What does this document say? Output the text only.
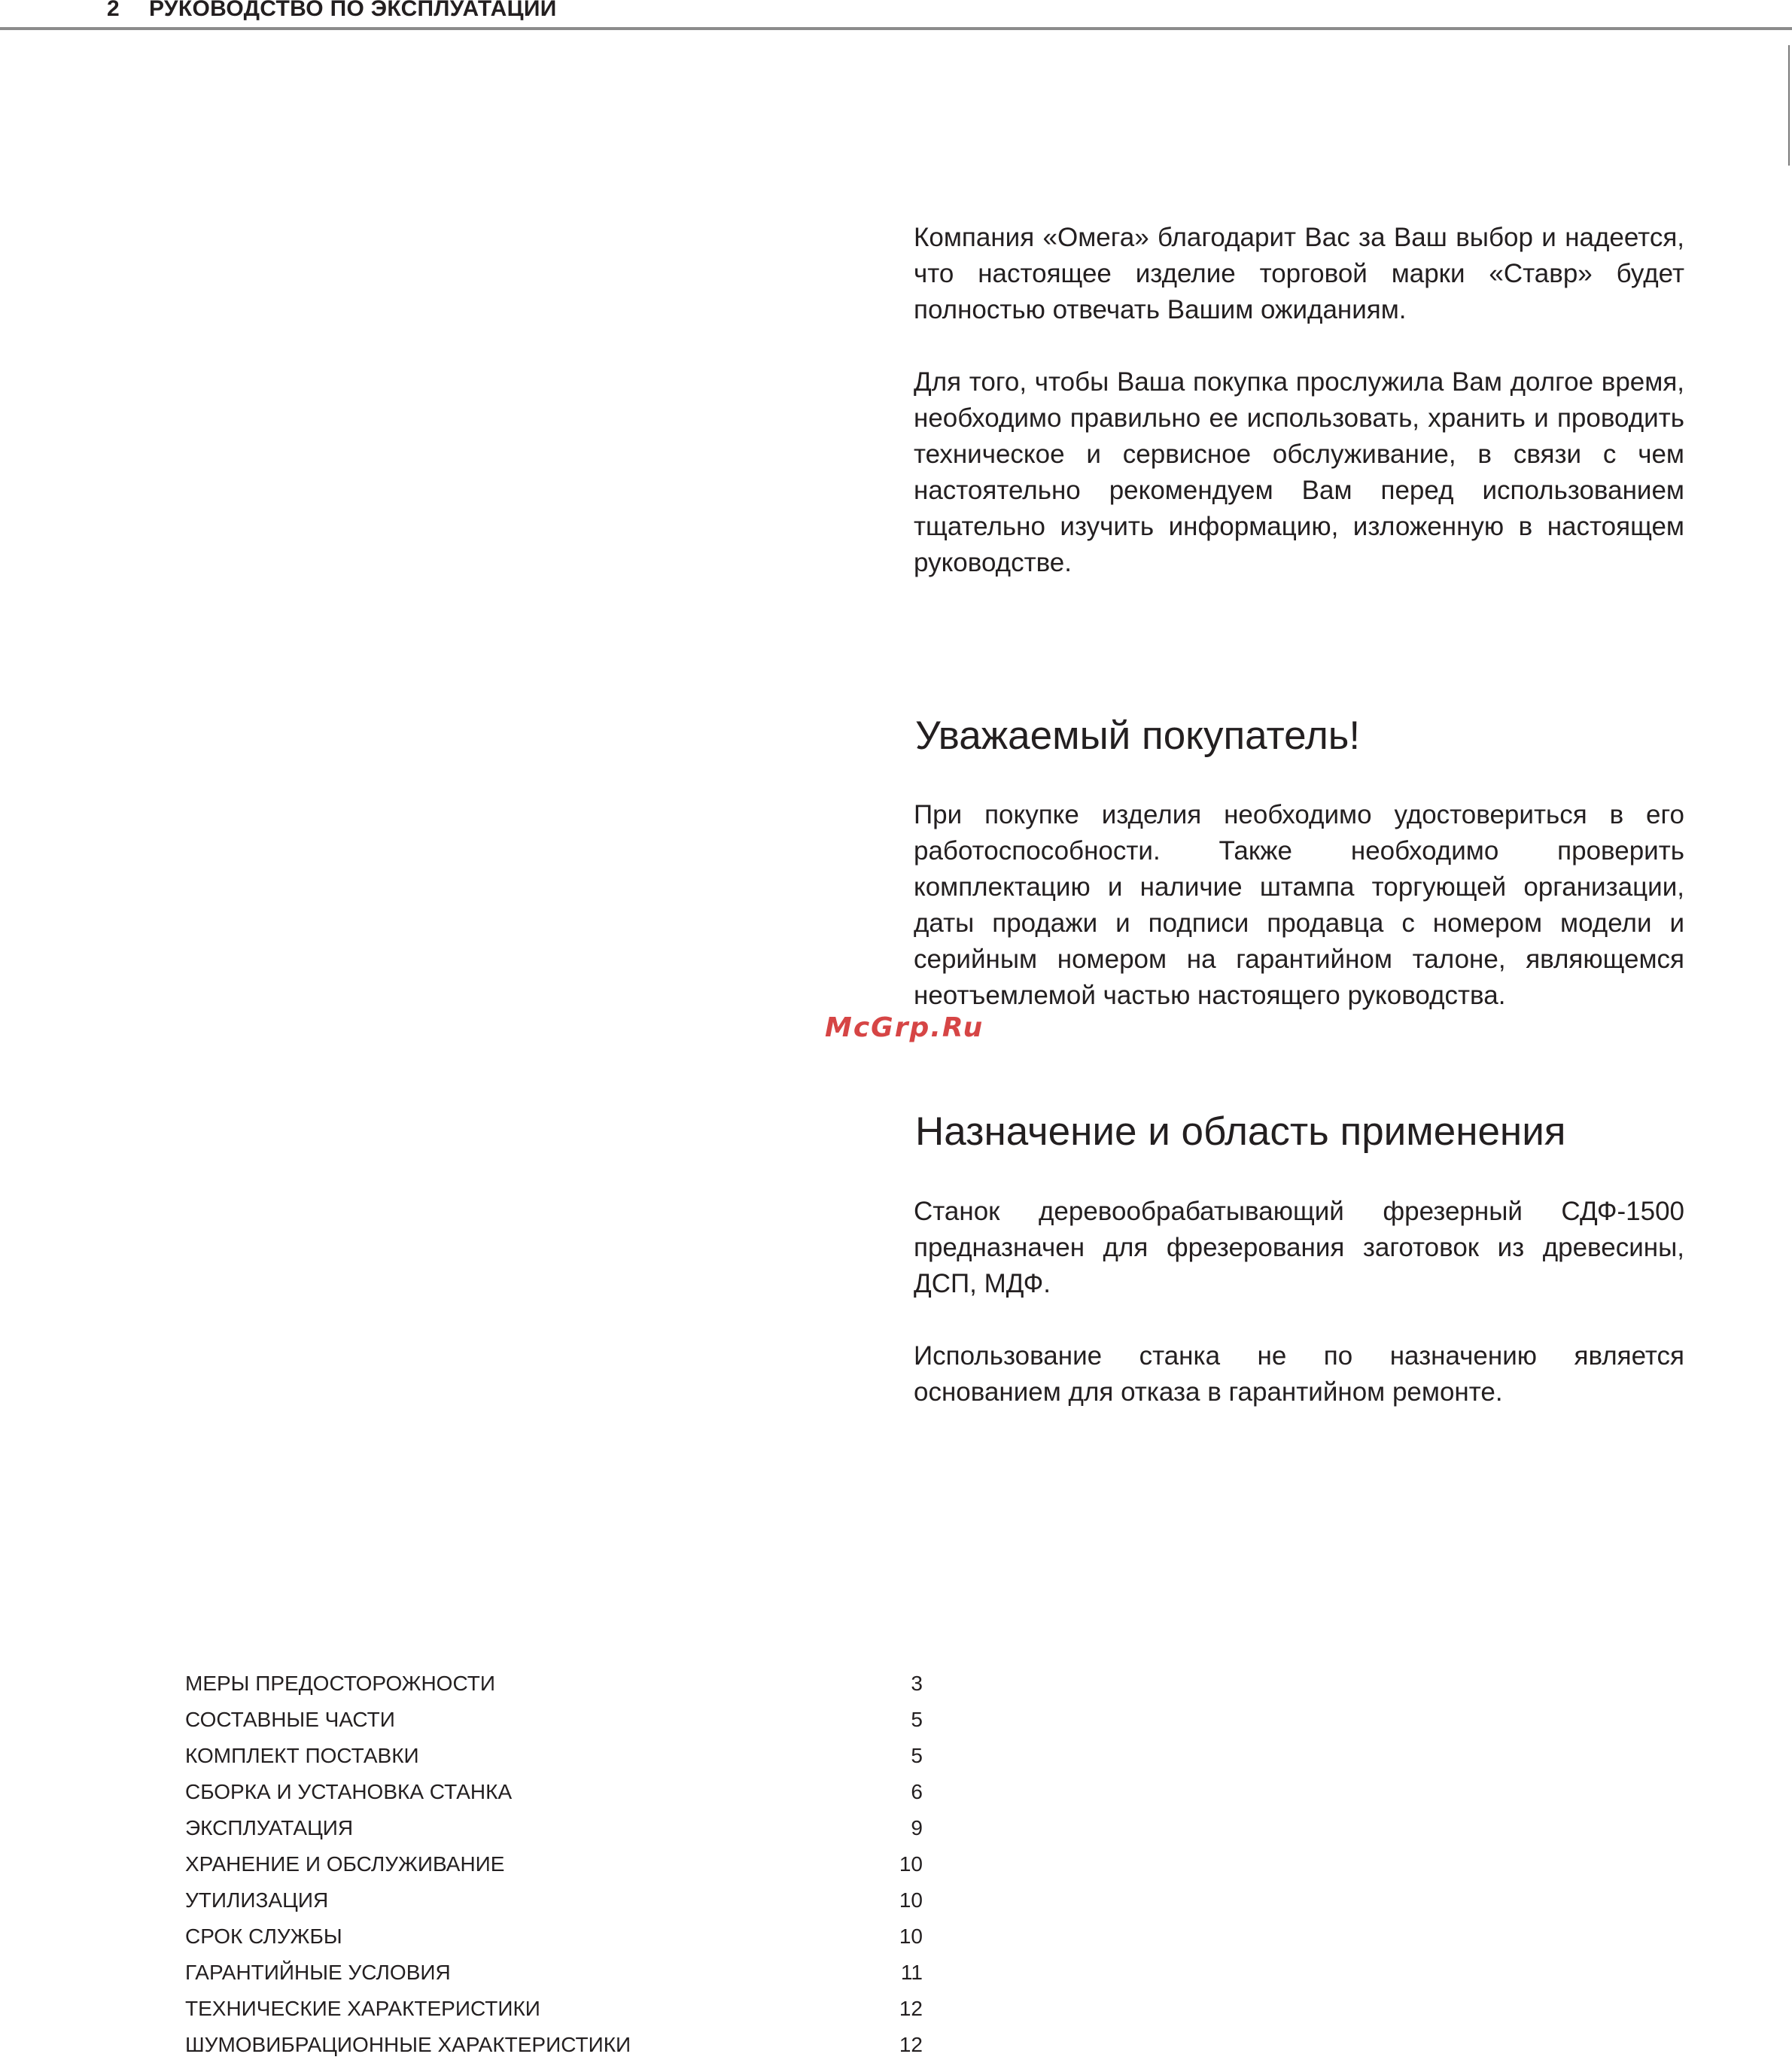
2 РУКОВОДСТВО ПО ЭКСПЛУАТАЦИИ

Компания «Омега» благодарит Вас за Ваш выбор и надеется, что настоящее изделие торговой марки «Ставр» будет полностью отвечать Вашим ожиданиям.

Для того, чтобы Ваша покупка прослужила Вам долгое время, необходимо правильно ее использовать, хранить и проводить техническое и сервисное обслуживание, в связи с чем настоятельно рекомендуем Вам перед использованием тщательно изучить информацию, изложенную в настоящем руководстве.

Уважаемый покупатель!

При покупке изделия необходимо удостовериться в его работоспособности. Также необходимо проверить комплектацию и наличие штампа торгующей организации, даты продажи и подписи продавца с номером модели и серийным номером на гарантийном талоне, являющемся неотъемлемой частью настоящего руководства.

McGrp.Ru
Назначение и область применения

Станок деревообрабатывающий фрезерный СДФ-1500 предназначен для фрезерования заготовок из древесины, ДСП, МДФ.

Использование станка не по назначению является основанием для отказа в гарантийном ремонте.

МЕРЫ ПРЕДОСТОРОЖНОСТИ	3
СОСТАВНЫЕ ЧАСТИ	5
КОМПЛЕКТ ПОСТАВКИ	5
СБОРКА И УСТАНОВКА СТАНКА	6
ЭКСПЛУАТАЦИЯ	9
ХРАНЕНИЕ И ОБСЛУЖИВАНИЕ	10
УТИЛИЗАЦИЯ	10
СРОК СЛУЖБЫ	10
ГАРАНТИЙНЫЕ УСЛОВИЯ	11
ТЕХНИЧЕСКИЕ ХАРАКТЕРИСТИКИ	12
ШУМОВИБРАЦИОННЫЕ ХАРАКТЕРИСТИКИ	12
